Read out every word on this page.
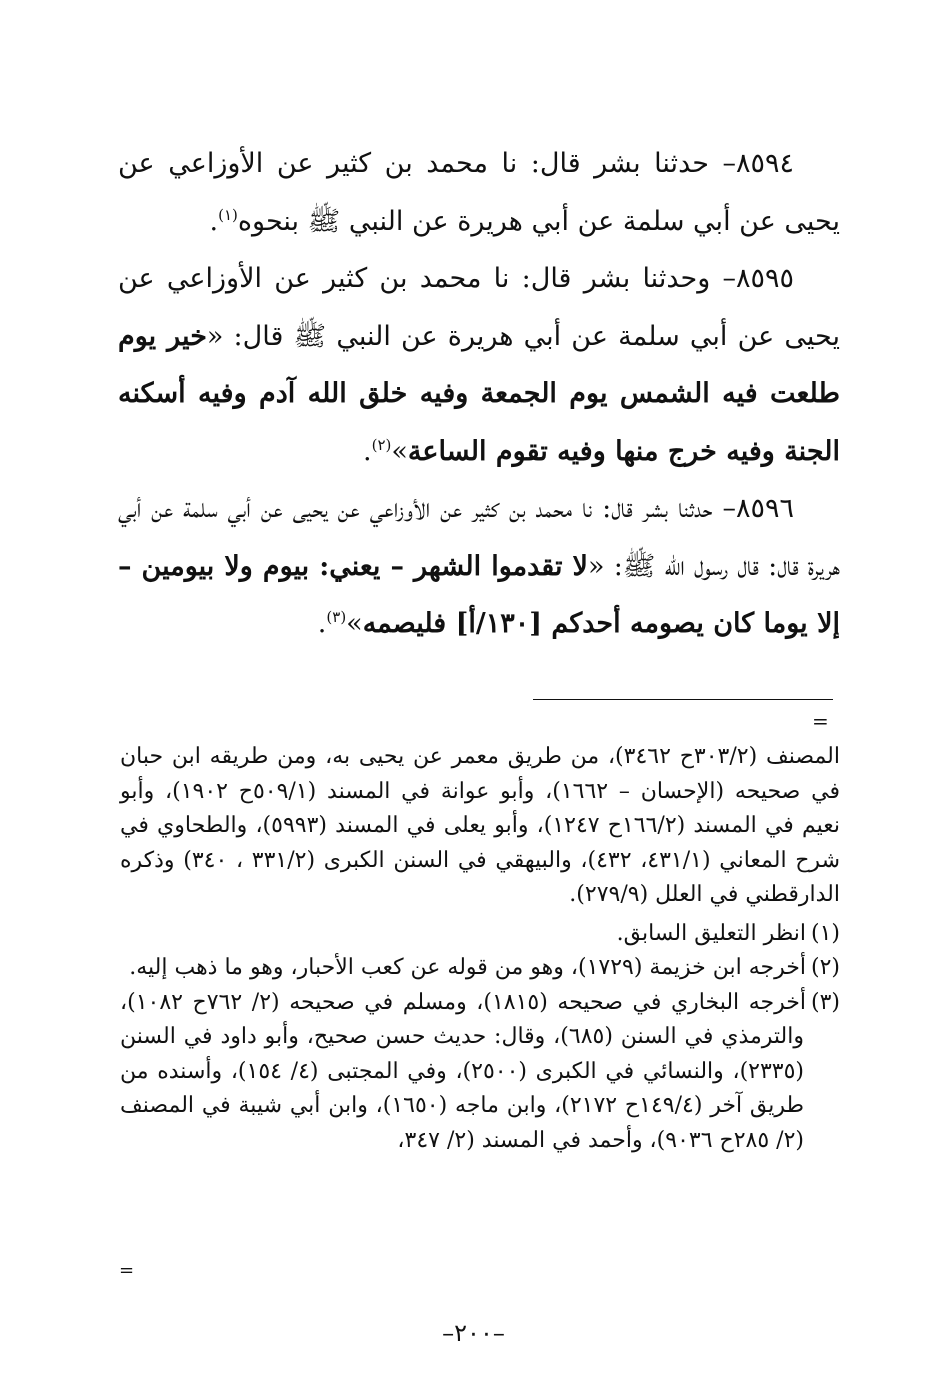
٨٥٩٤– حدثنا بشر قال: نا محمد بن كثير عن الأوزاعي عن يحيى عن أبي سلمة عن أبي هريرة عن النبي ﷺ بنحوه$^{(١)}$.

٨٥٩٥– وحدثنا بشر قال: نا محمد بن كثير عن الأوزاعي عن يحيى عن أبي سلمة عن أبي هريرة عن النبي ﷺ قال: «خير يوم طلعت فيه الشمس يوم الجمعة وفيه خلق الله آدم وفيه أسكنه الجنة وفيه خرج منها وفيه تقوم الساعة»$^{(٢)}$.

٨٥٩٦– حدثنا بشر قال: نا محمد بن كثير عن الأوزاعي عن يحيى عن أبي سلمة عن أبي هريرة قال: قال رسول الله ﷺ: «لا تقدموا الشهر – يعني: بيوم ولا بيومين – إلا يوما كان يصومه أحدكم [١٣٠/أ] فليصمه»$^{(٣)}$.

=

المصنف (٣٠٣/٢ح ٣٤٦٢)، من طريق معمر عن يحيى به، ومن طريقه ابن حبان في صحيحه (الإحسان – ١٦٦٢)، وأبو عوانة في المسند (٥٠٩/١ح ١٩٠٢)، وأبو نعيم في المسند (١٦٦/٢ح ١٢٤٧)، وأبو يعلى في المسند (٥٩٩٣)، والطحاوي في شرح المعاني (٤٣١/١، ٤٣٢)، والبيهقي في السنن الكبرى (٣٣١/٢ ، ٣٤٠) وذكره الدارقطني في العلل (٢٧٩/٩).

(١)انظر التعليق السابق.

(٢)أخرجه ابن خزيمة (١٧٢٩)، وهو من قوله عن كعب الأحبار، وهو ما ذهب إليه.

(٣)أخرجه البخاري في صحيحه (١٨١٥)، ومسلم في صحيحه (٢/ ٧٦٢ح ١٠٨٢)، والترمذي في السنن (٦٨٥)، وقال: حديث حسن صحيح، وأبو داود في السنن (٢٣٣٥)، والنسائي في الكبرى (٢٥٠٠)، وفي المجتبى (٤/ ١٥٤)، وأسنده من طريق آخر (١٤٩/٤ح ٢١٧٢)، وابن ماجه (١٦٥٠)، وابن أبي شيبة في المصنف (٢/ ٢٨٥ح ٩٠٣٦)، وأحمد في المسند (٢/ ٣٤٧،

=
–٢٠٠–
